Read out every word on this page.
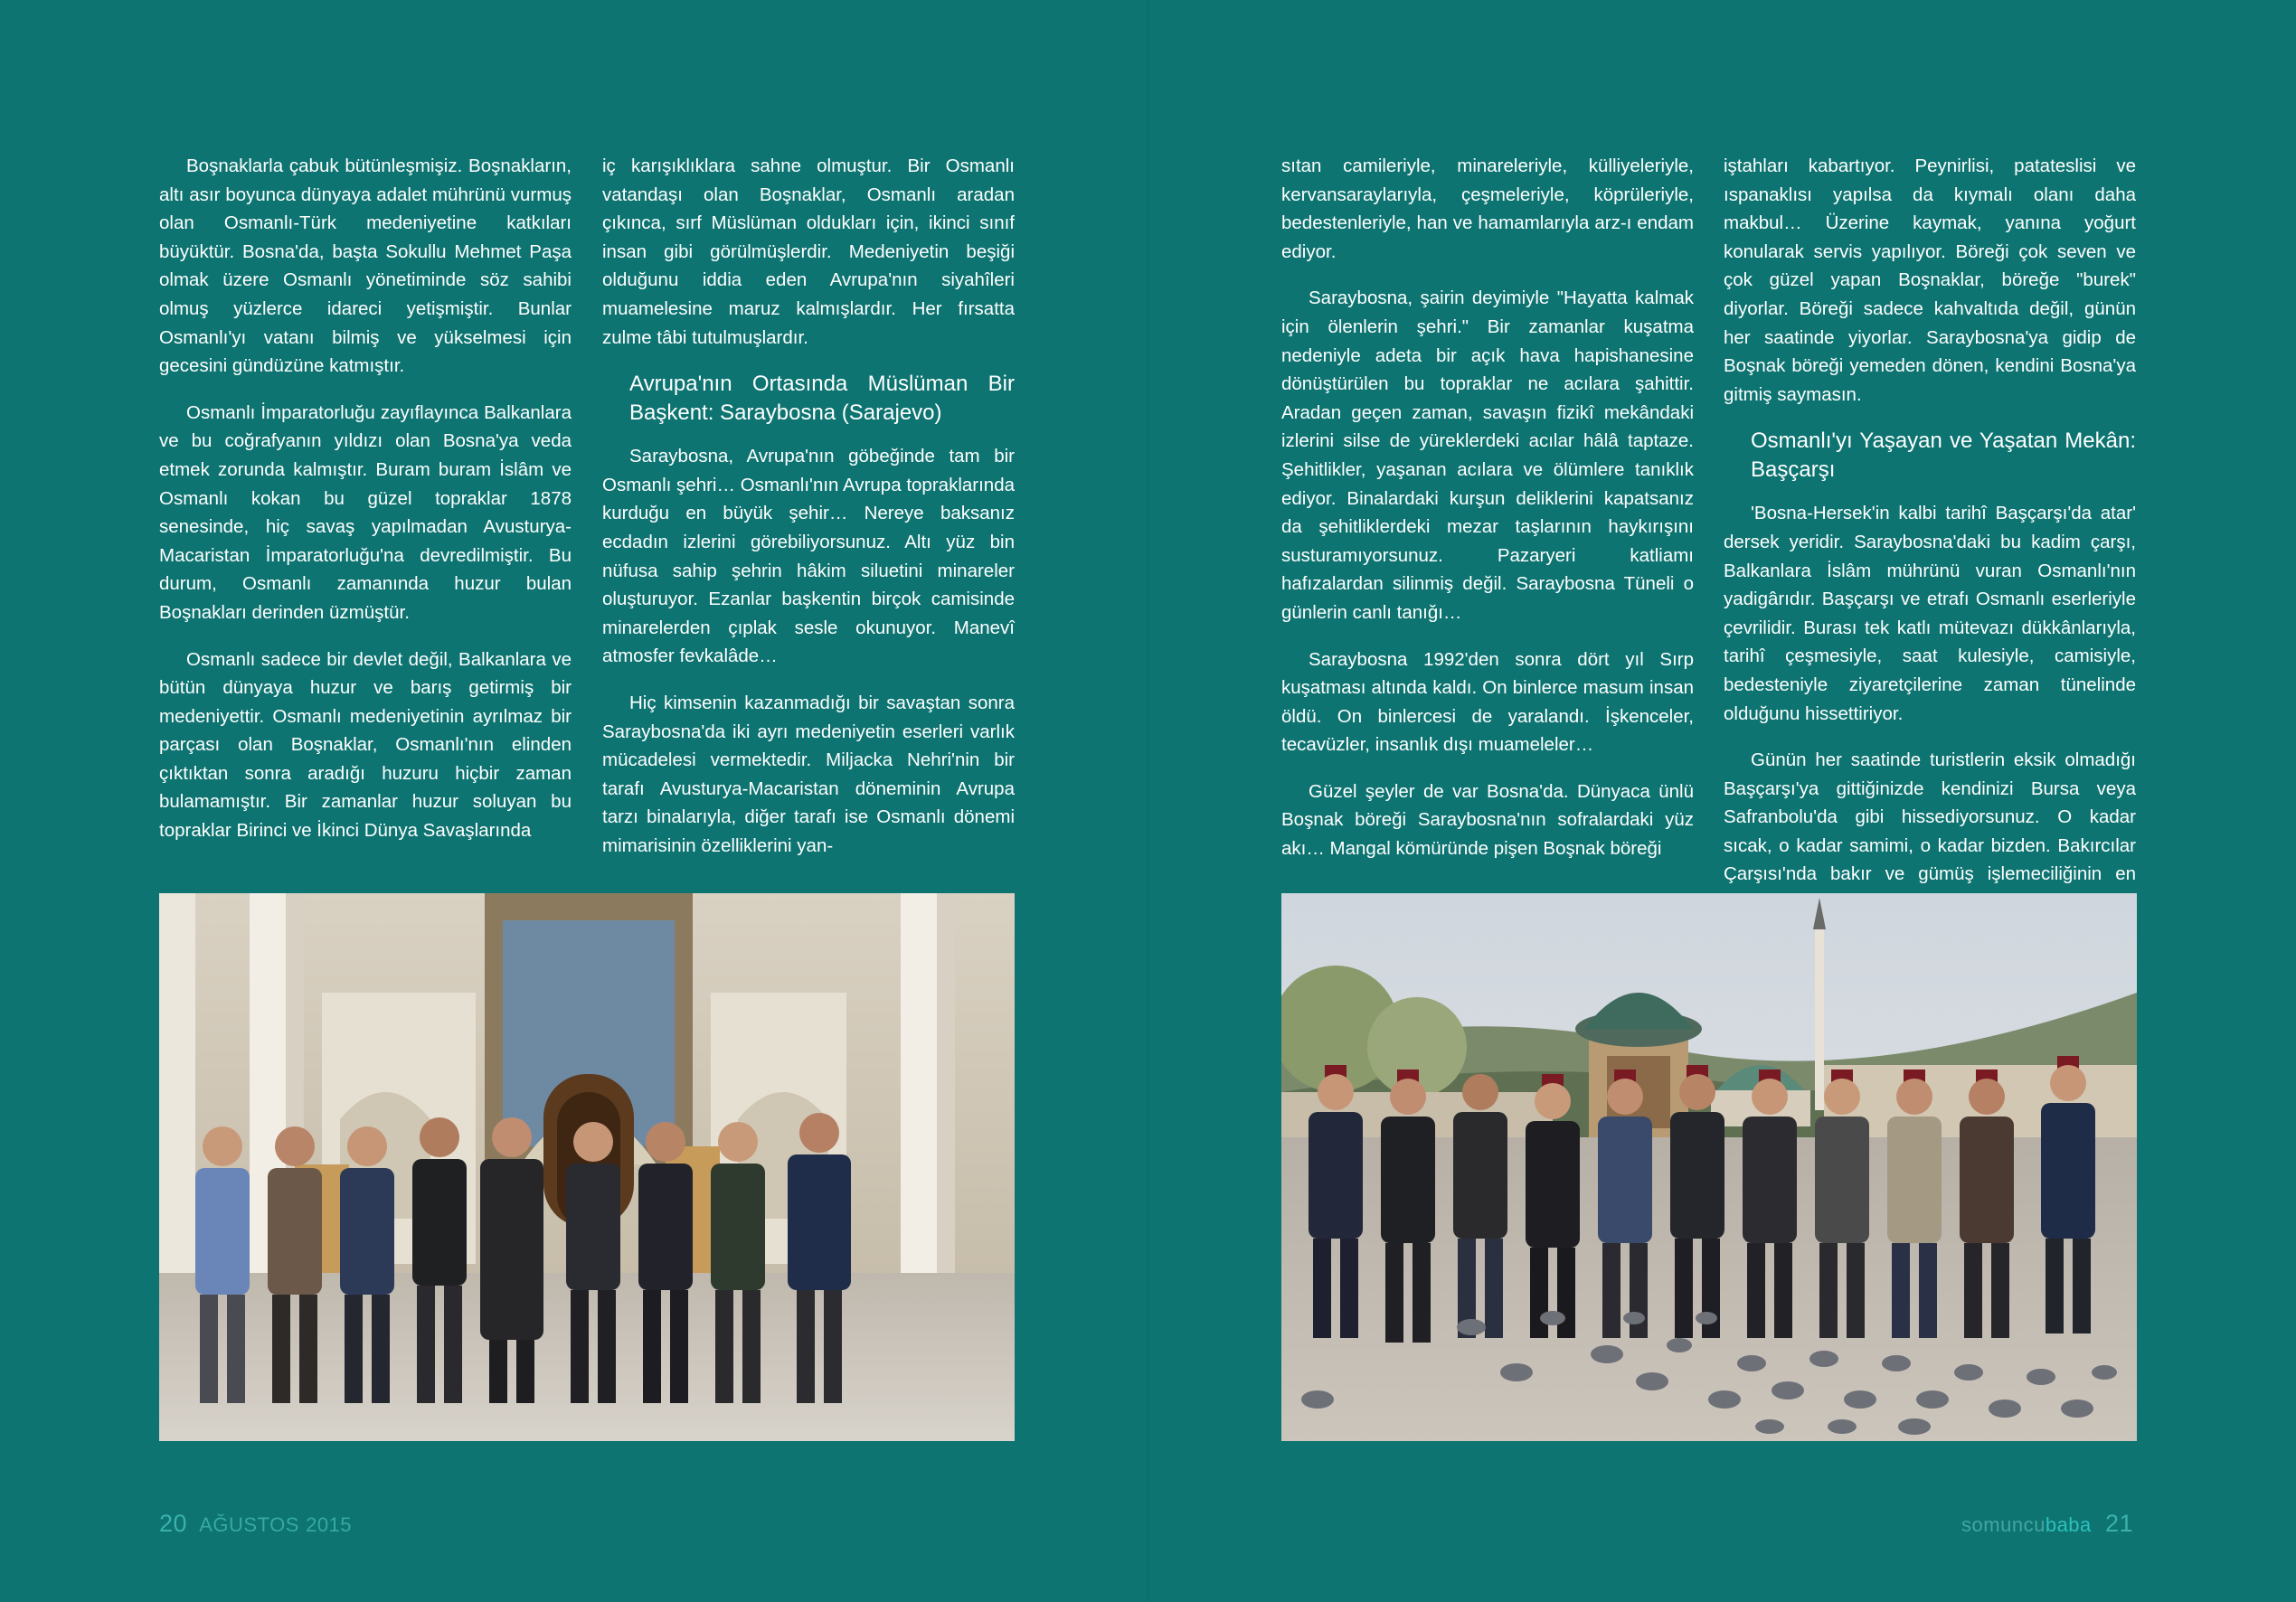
Boşnaklarla çabuk bütünleşmişiz. Boşnakların, altı asır boyunca dünyaya adalet mührünü vurmuş olan Osmanlı-Türk medeniyetine katkıları büyüktür. Bosna'da, başta Sokullu Mehmet Paşa olmak üzere Osmanlı yönetiminde söz sahibi olmuş yüzlerce idareci yetişmiştir. Bunlar Osmanlı'yı vatanı bilmiş ve yükselmesi için gecesini gündüzüne katmıştır.

Osmanlı İmparatorluğu zayıflayınca Balkanlara ve bu coğrafyanın yıldızı olan Bosna'ya veda etmek zorunda kalmıştır. Buram buram İslâm ve Osmanlı kokan bu güzel topraklar 1878 senesinde, hiç savaş yapılmadan Avusturya-Macaristan İmparatorluğu'na devredilmiştir. Bu durum, Osmanlı zamanında huzur bulan Boşnakları derinden üzmüştür.

Osmanlı sadece bir devlet değil, Balkanlara ve bütün dünyaya huzur ve barış getirmiş bir medeniyettir. Osmanlı medeniyetinin ayrılmaz bir parçası olan Boşnaklar, Osmanlı'nın elinden çıktıktan sonra aradığı huzuru hiçbir zaman bulamamıştır. Bir zamanlar huzur soluyan bu topraklar Birinci ve İkinci Dünya Savaşlarında

iç karışıklıklara sahne olmuştur. Bir Osmanlı vatandaşı olan Boşnaklar, Osmanlı aradan çıkınca, sırf Müslüman oldukları için, ikinci sınıf insan gibi görülmüşlerdir. Medeniyetin beşiği olduğunu iddia eden Avrupa'nın siyahîleri muamelesine maruz kalmışlardır. Her fırsatta zulme tâbi tutulmuşlardır.

Avrupa'nın Ortasında Müslüman Bir Başkent: Saraybosna (Sarajevo)

Saraybosna, Avrupa'nın göbeğinde tam bir Osmanlı şehri… Osmanlı'nın Avrupa topraklarında kurduğu en büyük şehir… Nereye baksanız ecdadın izlerini görebiliyorsunuz. Altı yüz bin nüfusa sahip şehrin hâkim siluetini minareler oluşturuyor. Ezanlar başkentin birçok camisinde minarelerden çıplak sesle okunuyor. Manevî atmosfer fevkalâde…

Hiç kimsenin kazanmadığı bir savaştan sonra Saraybosna'da iki ayrı medeniyetin eserleri varlık mücadelesi vermektedir. Miljacka Nehri'nin bir tarafı Avusturya-Macaristan döneminin Avrupa tarzı binalarıyla, diğer tarafı ise Osmanlı dönemi mimarisinin özelliklerini yan-

20 AĞUSTOS 2015

sıtan camileriyle, minareleriyle, külliyeleriyle, kervansaraylarıyla, çeşmeleriyle, köprüleriyle, bedestenleriyle, han ve hamamlarıyla arz-ı endam ediyor.

Saraybosna, şairin deyimiyle "Hayatta kalmak için ölenlerin şehri." Bir zamanlar kuşatma nedeniyle adeta bir açık hava hapishanesine dönüştürülen bu topraklar ne acılara şahittir. Aradan geçen zaman, savaşın fizikî mekândaki izlerini silse de yüreklerdeki acılar hâlâ taptaze. Şehitlikler, yaşanan acılara ve ölümlere tanıklık ediyor. Binalardaki kurşun deliklerini kapatsanız da şehitliklerdeki mezar taşlarının haykırışını susturamıyorsunuz. Pazaryeri katliamı hafızalardan silinmiş değil. Saraybosna Tüneli o günlerin canlı tanığı…

Saraybosna 1992'den sonra dört yıl Sırp kuşatması altında kaldı. On binlerce masum insan öldü. On binlercesi de yaralandı. İşkenceler, tecavüzler, insanlık dışı muameleler…

Güzel şeyler de var Bosna'da. Dünyaca ünlü Boşnak böreği Saraybosna'nın sofralardaki yüz akı… Mangal kömüründe pişen Boşnak böreği

iştahları kabartıyor. Peynirlisi, patateslisi ve ıspanaklısı yapılsa da kıymalı olanı daha makbul… Üzerine kaymak, yanına yoğurt konularak servis yapılıyor. Böreği çok seven ve çok güzel yapan Boşnaklar, böreğe "burek" diyorlar. Böreği sadece kahvaltıda değil, günün her saatinde yiyorlar. Saraybosna'ya gidip de Boşnak böreği yemeden dönen, kendini Bosna'ya gitmiş saymasın.

Osmanlı'yı Yaşayan ve Yaşatan Mekân: Başçarşı

'Bosna-Hersek'in kalbi tarihî Başçarşı'da atar' dersek yeridir. Saraybosna'daki bu kadim çarşı, Balkanlara İslâm mührünü vuran Osmanlı'nın yadigârıdır. Başçarşı ve etrafı Osmanlı eserleriyle çevrilidir. Burası tek katlı mütevazı dükkânlarıyla, tarihî çeşmesiyle, saat kulesiyle, camisiyle, bedesteniyle ziyaretçilerine zaman tünelinde olduğunu hissettiriyor.

Günün her saatinde turistlerin eksik olmadığı Başçarşı'ya gittiğinizde kendinizi Bursa veya Safranbolu'da gibi hissediyorsunuz. O kadar sıcak, o kadar samimi, o kadar bizden. Bakırcılar Çarşısı'nda bakır ve gümüş işlemeciliğinin en

somuncubaba 21
